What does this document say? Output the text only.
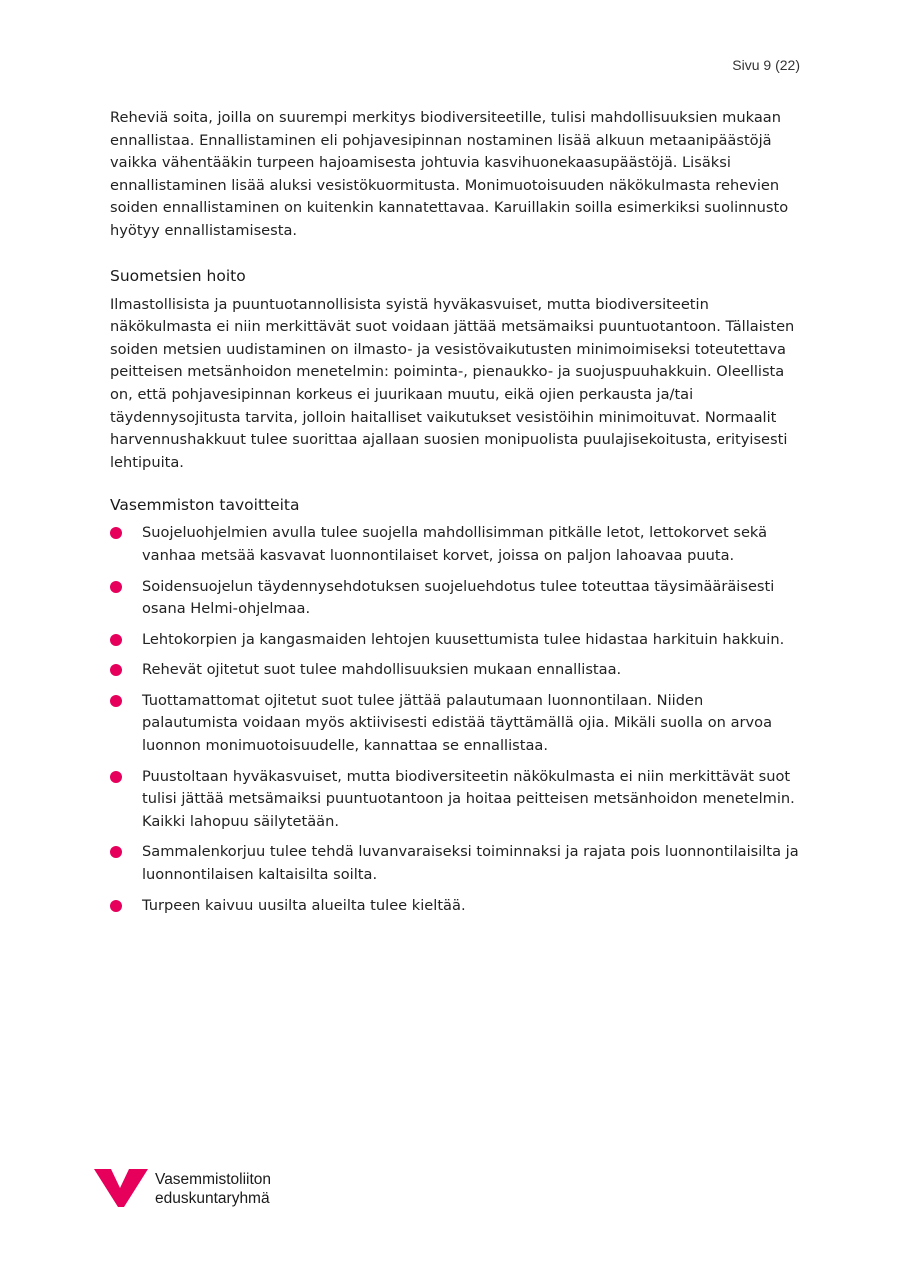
Sivu 9 (22)

Reheviä soita, joilla on suurempi merkitys biodiversiteetille, tulisi mahdollisuuksien mukaan ennallistaa. Ennallistaminen eli pohjavesipinnan nostaminen lisää alkuun metaanipäästöjä vaikka vähentääkin turpeen hajoamisesta johtuvia kasvihuonekaasupäästöjä. Lisäksi ennallistaminen lisää aluksi vesistökuormitusta. Monimuotoisuuden näkökulmasta rehevien soiden ennallistaminen on kuitenkin kannatettavaa. Karuillakin soilla esimerkiksi suolinnusto hyötyy ennallistamisesta.

Suometsien hoito

Ilmastollisista ja puuntuotannollisista syistä hyväkasvuiset, mutta biodiversiteetin näkökulmasta ei niin merkittävät suot voidaan jättää metsämaiksi puuntuotantoon. Tällaisten soiden metsien uudistaminen on ilmasto- ja vesistövaikutusten minimoimiseksi toteutettava peitteisen metsänhoidon menetelmin: poiminta-, pienaukko- ja suojuspuuhakkuin. Oleellista on, että pohjavesipinnan korkeus ei juurikaan muutu, eikä ojien perkausta ja/tai täydennysojitusta tarvita, jolloin haitalliset vaikutukset vesistöihin minimoituvat. Normaalit harvennushakkuut tulee suorittaa ajallaan suosien monipuolista puulajisekoitusta, erityisesti lehtipuita.

Vasemmiston tavoitteita
Suojeluohjelmien avulla tulee suojella mahdollisimman pitkälle letot, lettokorvet sekä vanhaa metsää kasvavat luonnontilaiset korvet, joissa on paljon lahoavaa puuta.
Soidensuojelun täydennysehdotuksen suojeluehdotus tulee toteuttaa täysimääräisesti osana Helmi-ohjelmaa.
Lehtokorpien ja kangasmaiden lehtojen kuusettumista tulee hidastaa harkituin hakkuin.
Rehevät ojitetut suot tulee mahdollisuuksien mukaan ennallistaa.
Tuottamattomat ojitetut suot tulee jättää palautumaan luonnontilaan. Niiden palautumista voidaan myös aktiivisesti edistää täyttämällä ojia. Mikäli suolla on arvoa luonnon monimuotoisuudelle, kannattaa se ennallistaa.
Puustoltaan hyväkasvuiset, mutta biodiversiteetin näkökulmasta ei niin merkittävät suot tulisi jättää metsämaiksi puuntuotantoon ja hoitaa peitteisen metsänhoidon menetelmin. Kaikki lahopuu säilytetään.
Sammalenkorjuu tulee tehdä luvanvaraiseksi toiminnaksi ja rajata pois luonnontilaisilta ja luonnontilaisen kaltaisilta soilta.
Turpeen kaivuu uusilta alueilta tulee kieltää.
Vasemmistoliiton
eduskuntaryhmä
